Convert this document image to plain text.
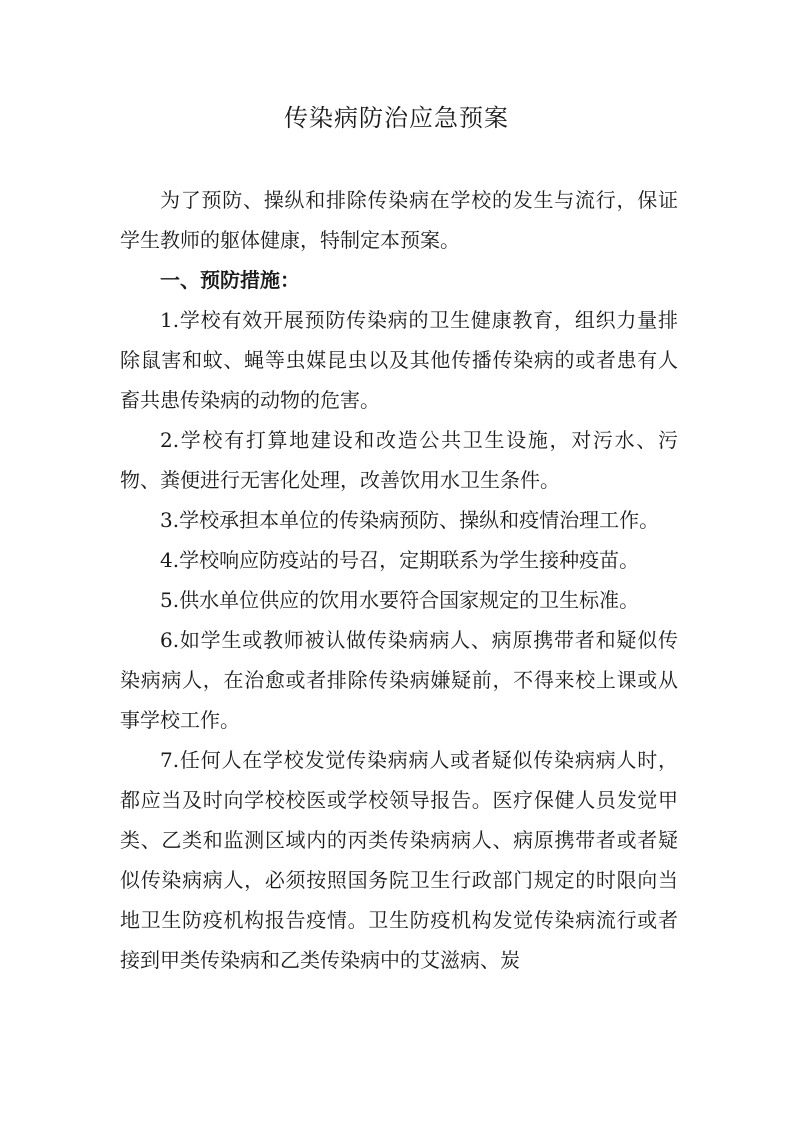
传染病防治应急预案

为了预防、操纵和排除传染病在学校的发生与流行，保证学生教师的躯体健康，特制定本预案。

一、预防措施：

1.学校有效开展预防传染病的卫生健康教育，组织力量排除鼠害和蚊、蝇等虫媒昆虫以及其他传播传染病的或者患有人畜共患传染病的动物的危害。

2.学校有打算地建设和改造公共卫生设施，对污水、污物、粪便进行无害化处理，改善饮用水卫生条件。

3.学校承担本单位的传染病预防、操纵和疫情治理工作。

4.学校响应防疫站的号召，定期联系为学生接种疫苗。

5.供水单位供应的饮用水要符合国家规定的卫生标准。

6.如学生或教师被认做传染病病人、病原携带者和疑似传染病病人，在治愈或者排除传染病嫌疑前，不得来校上课或从事学校工作。

7.任何人在学校发觉传染病病人或者疑似传染病病人时，都应当及时向学校校医或学校领导报告。医疗保健人员发觉甲类、乙类和监测区域内的丙类传染病病人、病原携带者或者疑似传染病病人，必须按照国务院卫生行政部门规定的时限向当地卫生防疫机构报告疫情。卫生防疫机构发觉传染病流行或者接到甲类传染病和乙类传染病中的艾滋病、炭
